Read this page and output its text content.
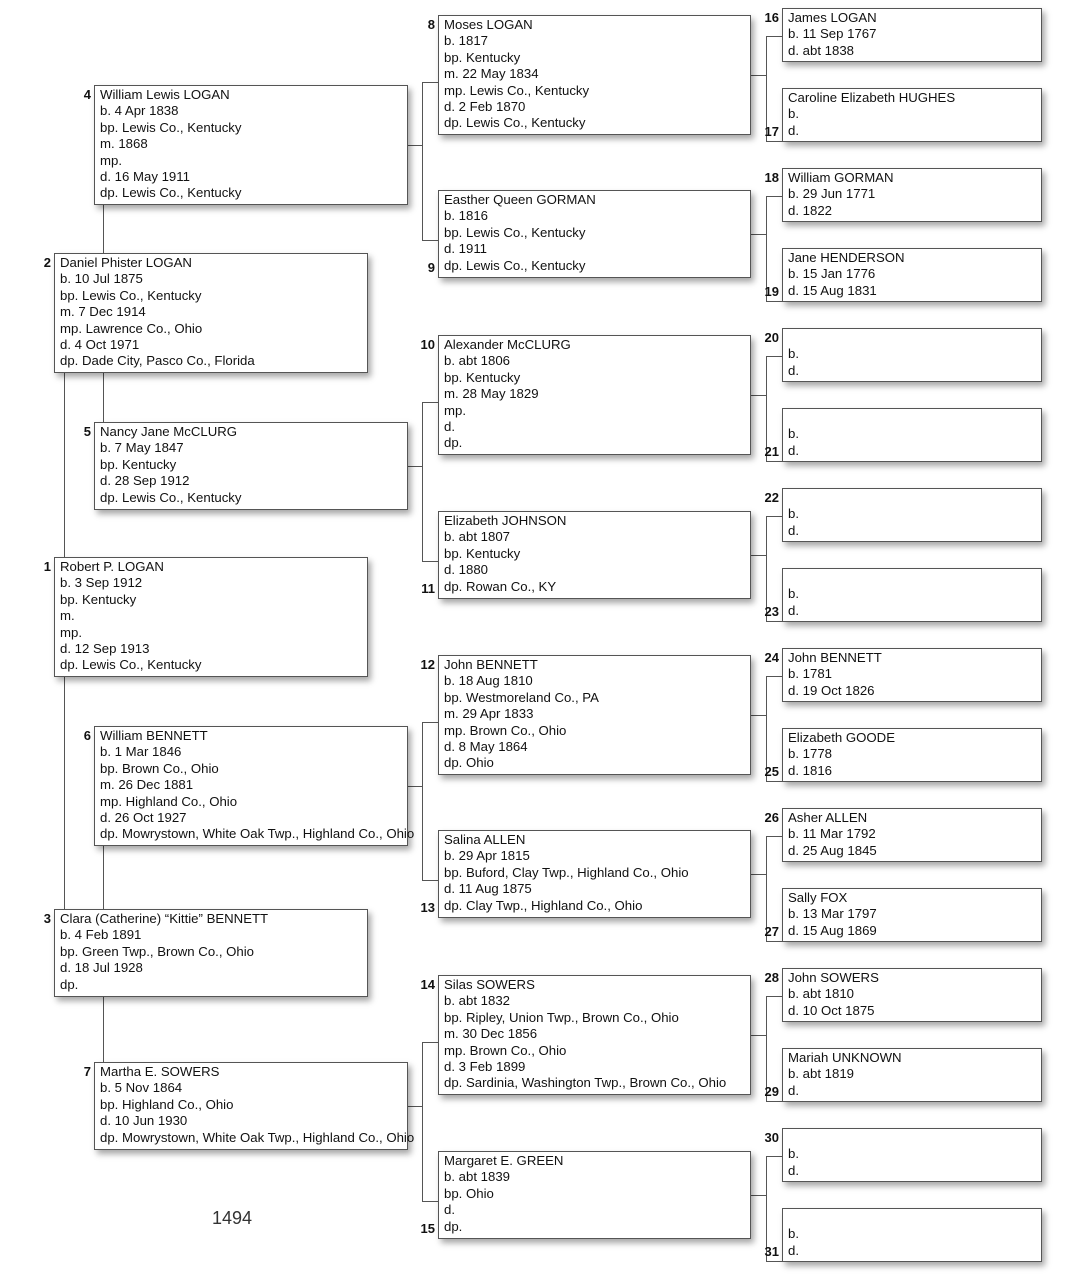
Robert P. LOGAN
b. 3 Sep 1912
bp. Kentucky
m.
mp.
d. 12 Sep 1913
dp. Lewis Co., Kentucky
1
Daniel Phister LOGAN
b. 10 Jul 1875
bp. Lewis Co., Kentucky
m. 7 Dec 1914
mp. Lawrence Co., Ohio
d. 4 Oct 1971
dp. Dade City, Pasco Co., Florida
2
Clara (Catherine) “Kittie” BENNETT
b. 4 Feb 1891
bp. Green Twp., Brown Co., Ohio
d. 18 Jul 1928
dp.
3
William Lewis LOGAN
b. 4 Apr 1838
bp. Lewis Co., Kentucky
m. 1868
mp.
d. 16 May 1911
dp. Lewis Co., Kentucky
4
Nancy Jane McCLURG
b. 7 May 1847
bp. Kentucky
d. 28 Sep 1912
dp. Lewis Co., Kentucky
5
William BENNETT
b. 1 Mar 1846
bp. Brown Co., Ohio
m. 26 Dec 1881
mp. Highland Co., Ohio
d. 26 Oct 1927
dp. Mowrystown, White Oak Twp., Highland Co., Ohio
6
Martha E. SOWERS
b. 5 Nov 1864
bp. Highland Co., Ohio
d. 10 Jun 1930
dp. Mowrystown, White Oak Twp., Highland Co., Ohio
7
Moses LOGAN
b. 1817
bp. Kentucky
m. 22 May 1834
mp. Lewis Co., Kentucky
d. 2 Feb 1870
dp. Lewis Co., Kentucky
8
Easther Queen GORMAN
b. 1816
bp. Lewis Co., Kentucky
d. 1911
dp. Lewis Co., Kentucky
9
Alexander McCLURG
b. abt 1806
bp. Kentucky
m. 28 May 1829
mp.
d.
dp.
10
Elizabeth JOHNSON
b. abt 1807
bp. Kentucky
d. 1880
dp. Rowan Co., KY
11
John BENNETT
b. 18 Aug 1810
bp. Westmoreland Co., PA
m. 29 Apr 1833
mp. Brown Co., Ohio
d. 8 May 1864
dp. Ohio
12
Salina ALLEN
b. 29 Apr 1815
bp. Buford, Clay Twp., Highland Co., Ohio
d. 11 Aug 1875
dp. Clay Twp., Highland Co., Ohio
13
Silas SOWERS
b. abt 1832
bp. Ripley, Union Twp., Brown Co., Ohio
m. 30 Dec 1856
mp. Brown Co., Ohio
d. 3 Feb 1899
dp. Sardinia, Washington Twp., Brown Co., Ohio
14
Margaret E. GREEN
b. abt 1839
bp. Ohio
d.
dp.
15
James LOGAN
b. 11 Sep 1767
d. abt 1838
16
Caroline Elizabeth HUGHES
b.
d.
17
William GORMAN
b. 29 Jun 1771
d. 1822
18
Jane HENDERSON
b. 15 Jan 1776
d. 15 Aug 1831
19

b.
d.
20

b.
d.
21

b.
d.
22

b.
d.
23
John BENNETT
b. 1781
d. 19 Oct 1826
24
Elizabeth GOODE
b. 1778
d. 1816
25
Asher ALLEN
b. 11 Mar 1792
d. 25 Aug 1845
26
Sally FOX
b. 13 Mar 1797
d. 15 Aug 1869
27
John SOWERS
b. abt 1810
d. 10 Oct 1875
28
Mariah UNKNOWN
b. abt 1819
d.
29

b.
d.
30

b.
d.
31
1494
